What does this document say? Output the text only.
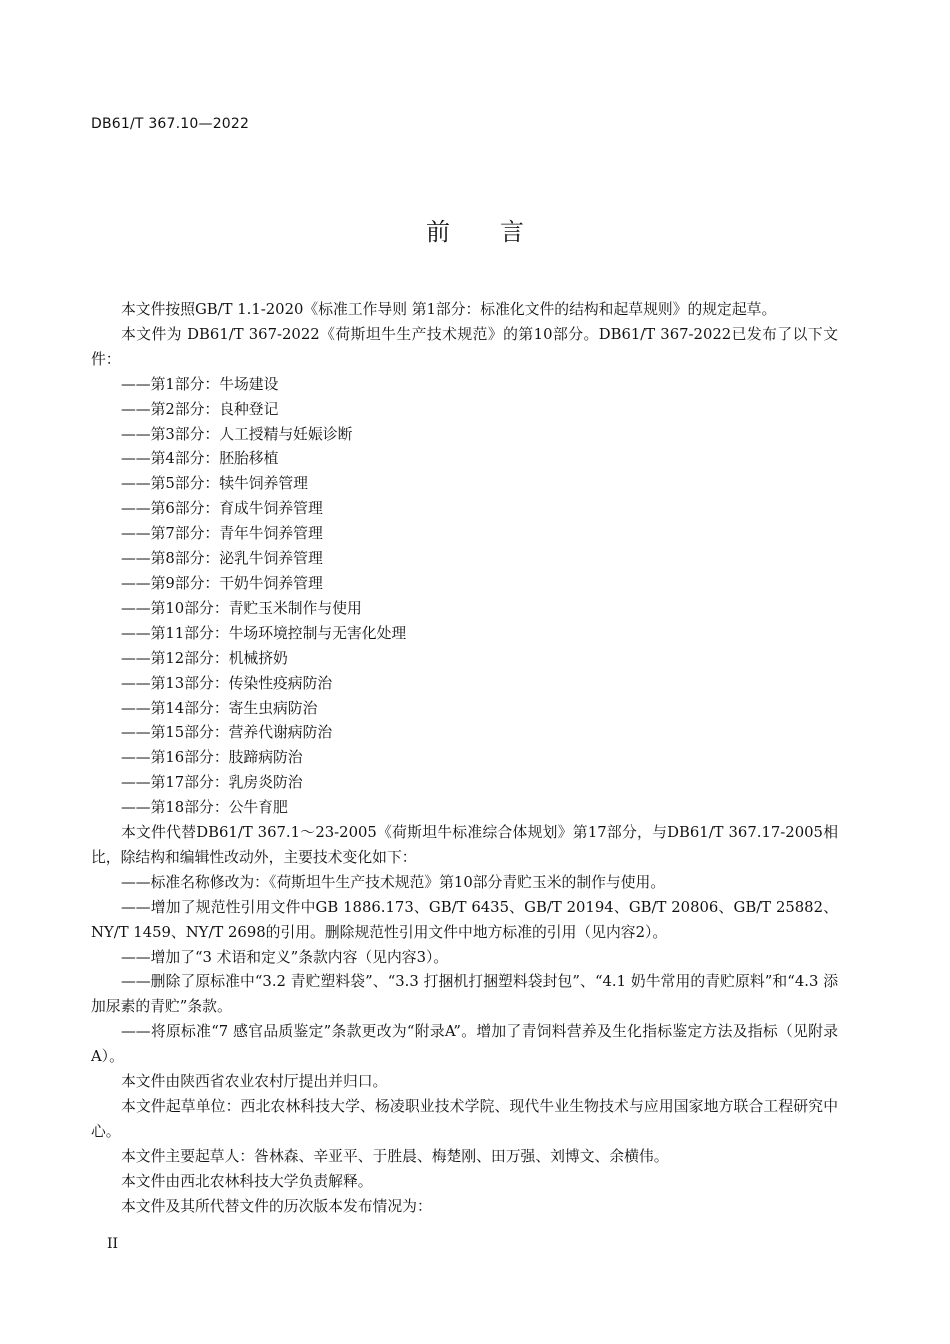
DB61/T 367.10—2022
前言

本文件按照GB/T 1.1-2020《标准工作导则 第1部分：标准化文件的结构和起草规则》的规定起草。

本文件为 DB61/T 367-2022《荷斯坦牛生产技术规范》的第10部分。DB61/T 367-2022已发布了以下文件：

——第1部分：牛场建设

——第2部分：良种登记

——第3部分：人工授精与妊娠诊断

——第4部分：胚胎移植

——第5部分：犊牛饲养管理

——第6部分：育成牛饲养管理

——第7部分：青年牛饲养管理

——第8部分：泌乳牛饲养管理

——第9部分：干奶牛饲养管理

——第10部分：青贮玉米制作与使用

——第11部分：牛场环境控制与无害化处理

——第12部分：机械挤奶

——第13部分：传染性疫病防治

——第14部分：寄生虫病防治

——第15部分：营养代谢病防治

——第16部分：肢蹄病防治

——第17部分：乳房炎防治

——第18部分：公牛育肥

本文件代替DB61/T 367.1～23-2005《荷斯坦牛标准综合体规划》第17部分，与DB61/T 367.17-2005相比，除结构和编辑性改动外，主要技术变化如下：

——标准名称修改为：《荷斯坦牛生产技术规范》第10部分青贮玉米的制作与使用。

——增加了规范性引用文件中GB 1886.173、GB/T 6435、GB/T 20194、GB/T 20806、GB/T 25882、NY/T 1459、NY/T 2698的引用。删除规范性引用文件中地方标准的引用（见内容2）。

——增加了“3 术语和定义”条款内容（见内容3）。

——删除了原标准中“3.2 青贮塑料袋”、“3.3 打捆机打捆塑料袋封包”、“4.1 奶牛常用的青贮原料”和“4.3 添加尿素的青贮”条款。

——将原标准“7 感官品质鉴定”条款更改为“附录A”。增加了青饲料营养及生化指标鉴定方法及指标（见附录A）。

本文件由陕西省农业农村厅提出并归口。

本文件起草单位：西北农林科技大学、杨凌职业技术学院、现代牛业生物技术与应用国家地方联合工程研究中心。

本文件主要起草人：昝林森、辛亚平、于胜晨、梅楚刚、田万强、刘博文、余横伟。

本文件由西北农林科技大学负责解释。

本文件及其所代替文件的历次版本发布情况为：

II
